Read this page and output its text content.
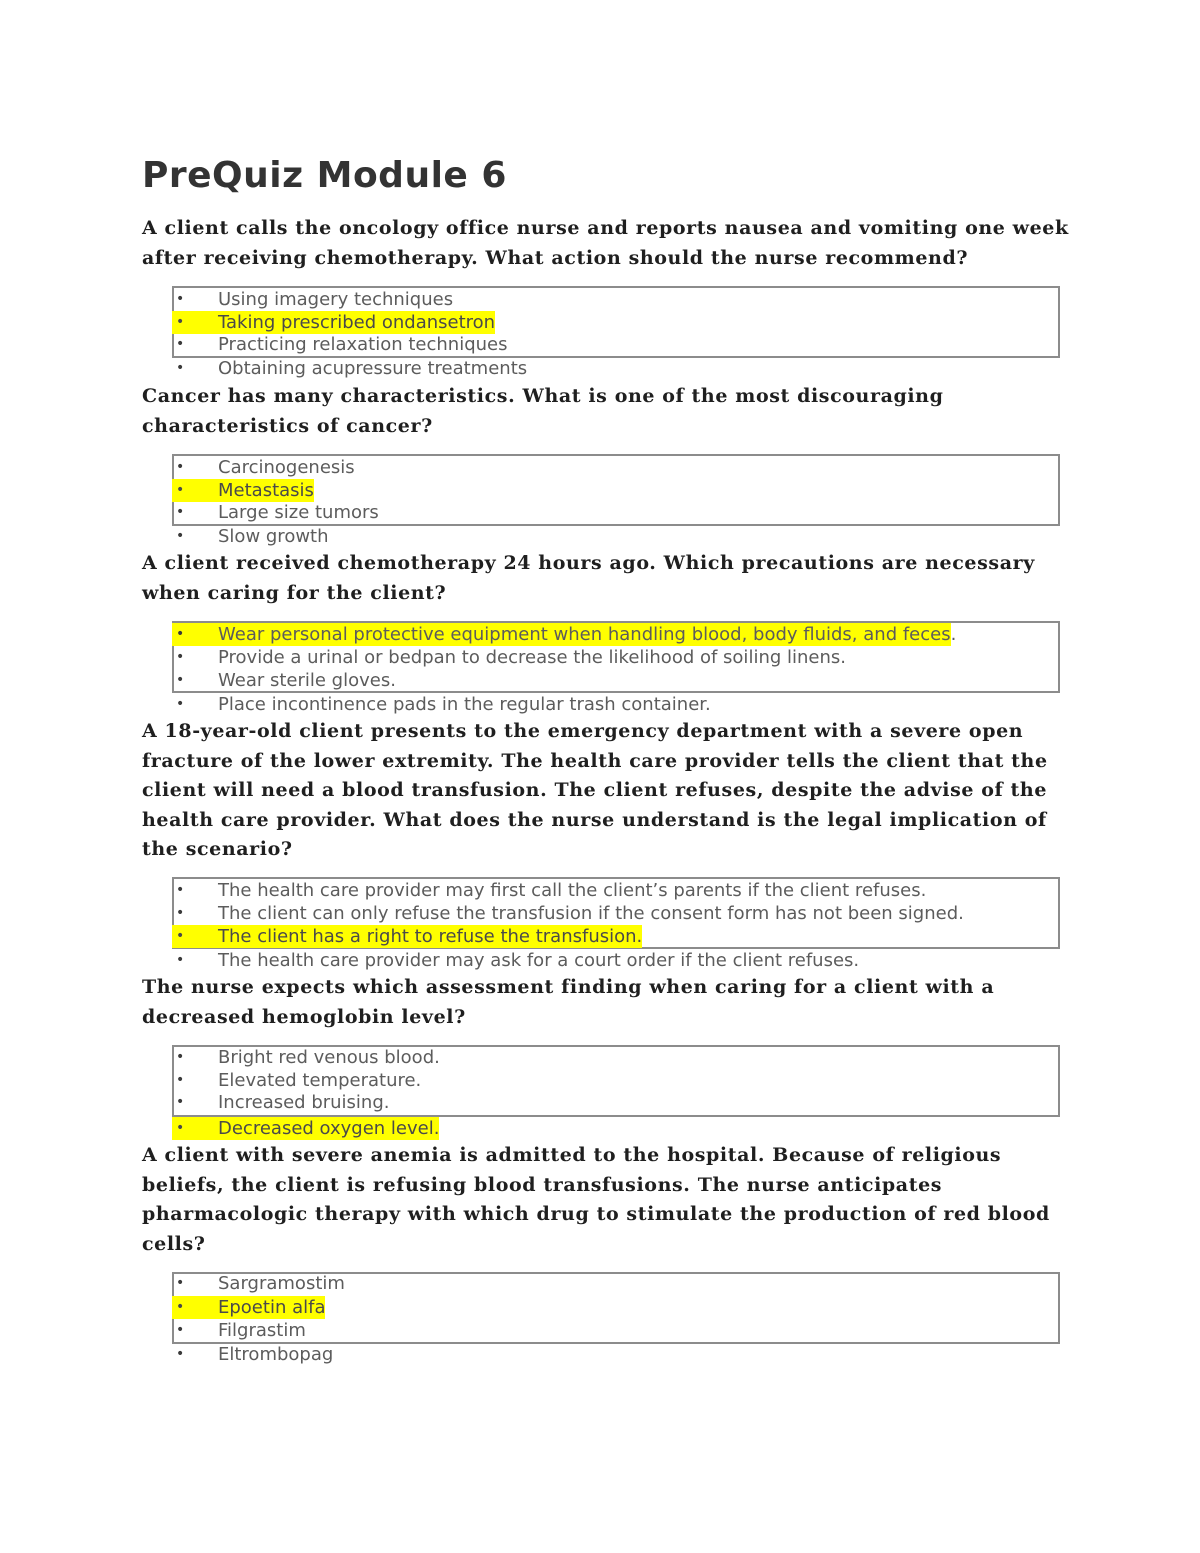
PreQuiz Module 6

A client calls the oncology office nurse and reports nausea and vomiting one week after receiving chemotherapy. What action should the nurse recommend?

• Using imagery techniques
• Taking prescribed ondansetron
• Practicing relaxation techniques
• Obtaining acupressure treatments

Cancer has many characteristics. What is one of the most discouraging characteristics of cancer?

• Carcinogenesis
• Metastasis
• Large size tumors
• Slow growth

A client received chemotherapy 24 hours ago. Which precautions are necessary when caring for the client?

• Wear personal protective equipment when handling blood, body fluids, and feces.
• Provide a urinal or bedpan to decrease the likelihood of soiling linens.
• Wear sterile gloves.
• Place incontinence pads in the regular trash container.

A 18-year-old client presents to the emergency department with a severe open fracture of the lower extremity. The health care provider tells the client that the client will need a blood transfusion. The client refuses, despite the advise of the health care provider. What does the nurse understand is the legal implication of the scenario?

• The health care provider may first call the client’s parents if the client refuses.
• The client can only refuse the transfusion if the consent form has not been signed.
• The client has a right to refuse the transfusion.
• The health care provider may ask for a court order if the client refuses.

The nurse expects which assessment finding when caring for a client with a decreased hemoglobin level?

• Bright red venous blood.
• Elevated temperature.
• Increased bruising.
• Decreased oxygen level.

A client with severe anemia is admitted to the hospital. Because of religious beliefs, the client is refusing blood transfusions. The nurse anticipates pharmacologic therapy with which drug to stimulate the production of red blood cells?

• Sargramostim
• Epoetin alfa
• Filgrastim
• Eltrombopag
